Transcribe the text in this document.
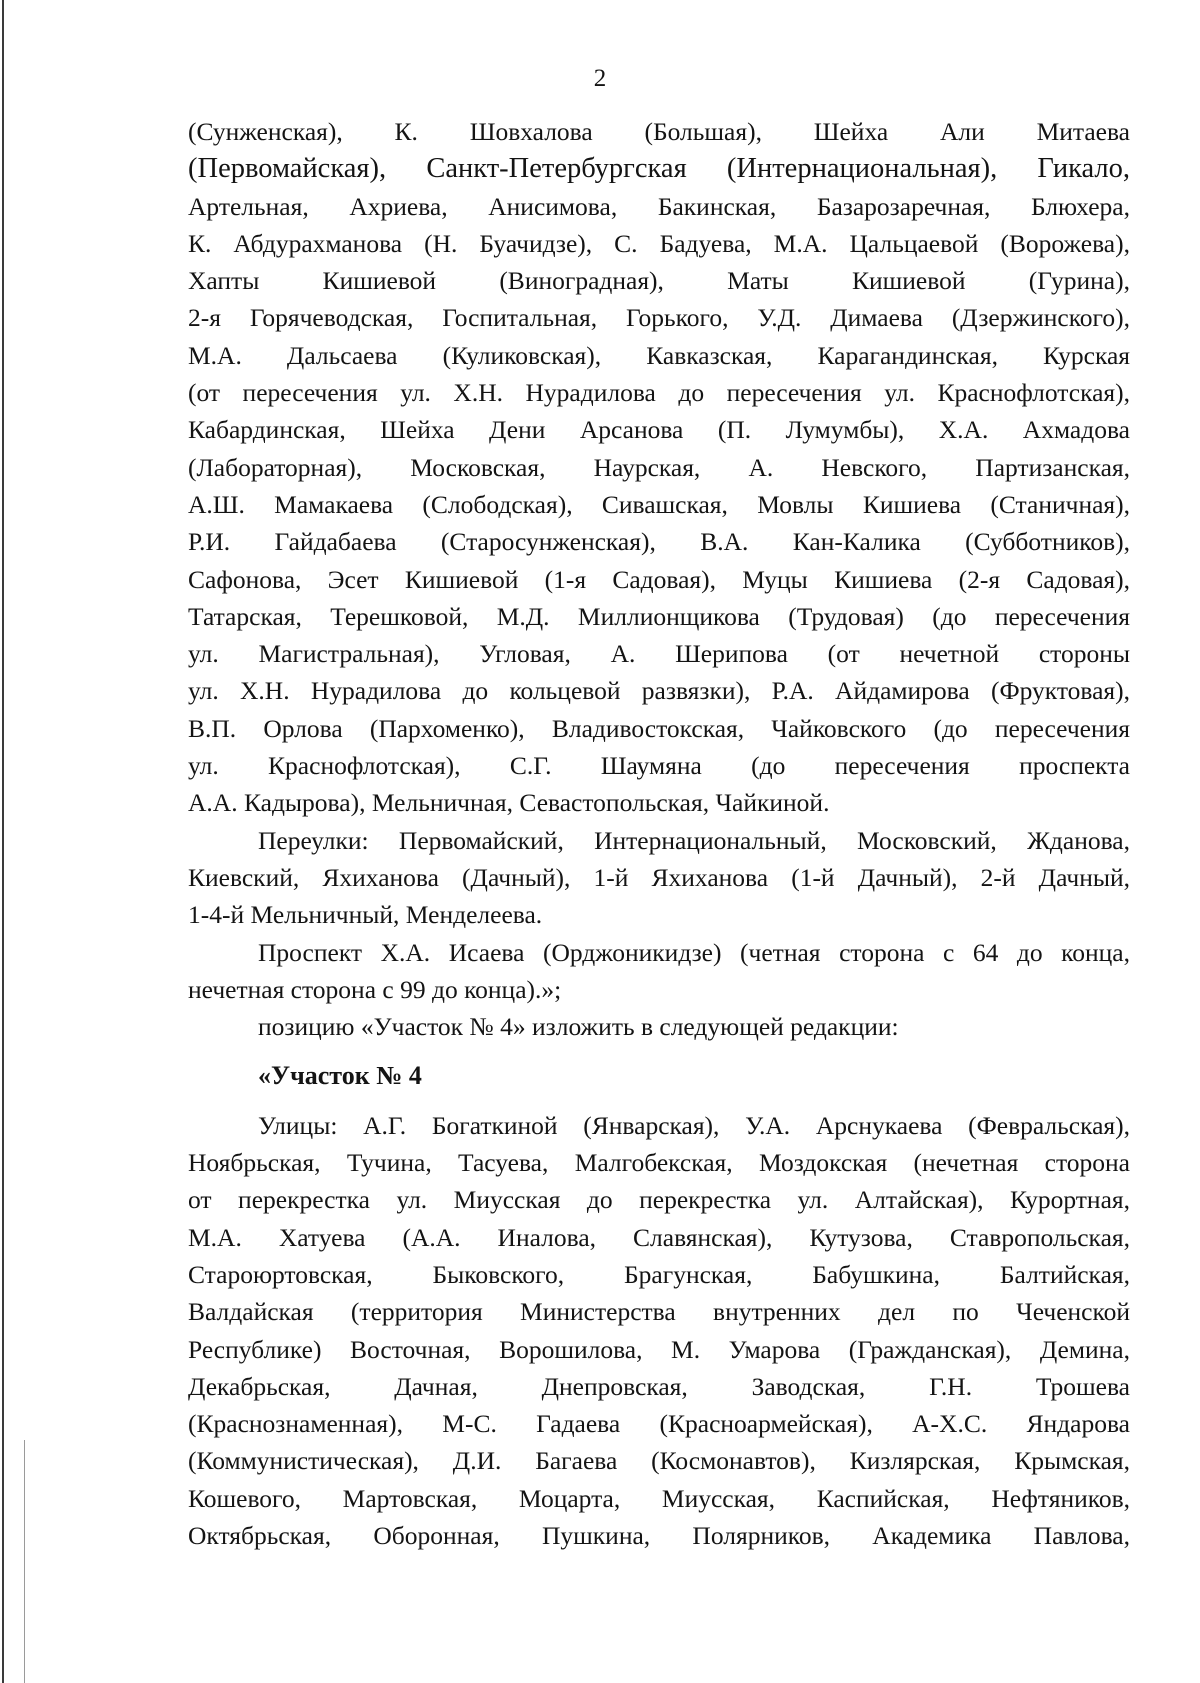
2

(Сунженская), К. Шовхалова (Большая), Шейха Али Митаева
(Первомайская), Санкт-Петербургская (Интернациональная), Гикало,
Артельная, Ахриева, Анисимова, Бакинская, Базарозаречная, Блюхера,
К. Абдурахманова (Н. Буачидзе), С. Бадуева, М.А. Цальцаевой (Ворожева),
Хапты Кишиевой (Виноградная), Маты Кишиевой (Гурина),
2-я Горячеводская, Госпитальная, Горького, У.Д. Димаева (Дзержинского),
М.А. Дальсаева (Куликовская), Кавказская, Карагандинская, Курская
(от пересечения ул. Х.Н. Нурадилова до пересечения ул. Краснофлотская),
Кабардинская, Шейха Дени Арсанова (П. Лумумбы), Х.А. Ахмадова
(Лабораторная), Московская, Наурская, А. Невского, Партизанская,
А.Ш. Мамакаева (Слободская), Сивашская, Мовлы Кишиева (Станичная),
Р.И. Гайдабаева (Старосунженская), В.А. Кан-Калика (Субботников),
Сафонова, Эсет Кишиевой (1-я Садовая), Муцы Кишиева (2-я Садовая),
Татарская, Терешковой, М.Д. Миллионщикова (Трудовая) (до пересечения
ул. Магистральная), Угловая, А. Шерипова (от нечетной стороны
ул. Х.Н. Нурадилова до кольцевой развязки), Р.А. Айдамирова (Фруктовая),
В.П. Орлова (Пархоменко), Владивостокская, Чайковского (до пересечения
ул. Краснофлотская), С.Г. Шаумяна (до пересечения проспекта
А.А. Кадырова), Мельничная, Севастопольская, Чайкиной.

Переулки: Первомайский, Интернациональный, Московский, Жданова,
Киевский, Яхиханова (Дачный), 1-й Яхиханова (1-й Дачный), 2-й Дачный,
1-4-й Мельничный, Менделеева.

Проспект Х.А. Исаева (Орджоникидзе) (четная сторона с 64 до конца,
нечетная сторона с 99 до конца).»;

позицию «Участок № 4» изложить в следующей редакции:

«Участок № 4

Улицы: А.Г. Богаткиной (Январская), У.А. Арснукаева (Февральская),
Ноябрьская, Тучина, Тасуева, Малгобекская, Моздокская (нечетная сторона
от перекрестка ул. Миусская до перекрестка ул. Алтайская), Курортная,
М.А. Хатуева (А.А. Иналова, Славянская), Кутузова, Ставропольская,
Староюртовская, Быковского, Брагунская, Бабушкина, Балтийская,
Валдайская (территория Министерства внутренних дел по Чеченской
Республике) Восточная, Ворошилова, М. Умарова (Гражданская), Демина,
Декабрьская, Дачная, Днепровская, Заводская, Г.Н. Трошева
(Краснознаменная), М-С. Гадаева (Красноармейская), А-Х.С. Яндарова
(Коммунистическая), Д.И. Багаева (Космонавтов), Кизлярская, Крымская,
Кошевого, Мартовская, Моцарта, Миусская, Каспийская, Нефтяников,
Октябрьская, Оборонная, Пушкина, Полярников, Академика Павлова,
